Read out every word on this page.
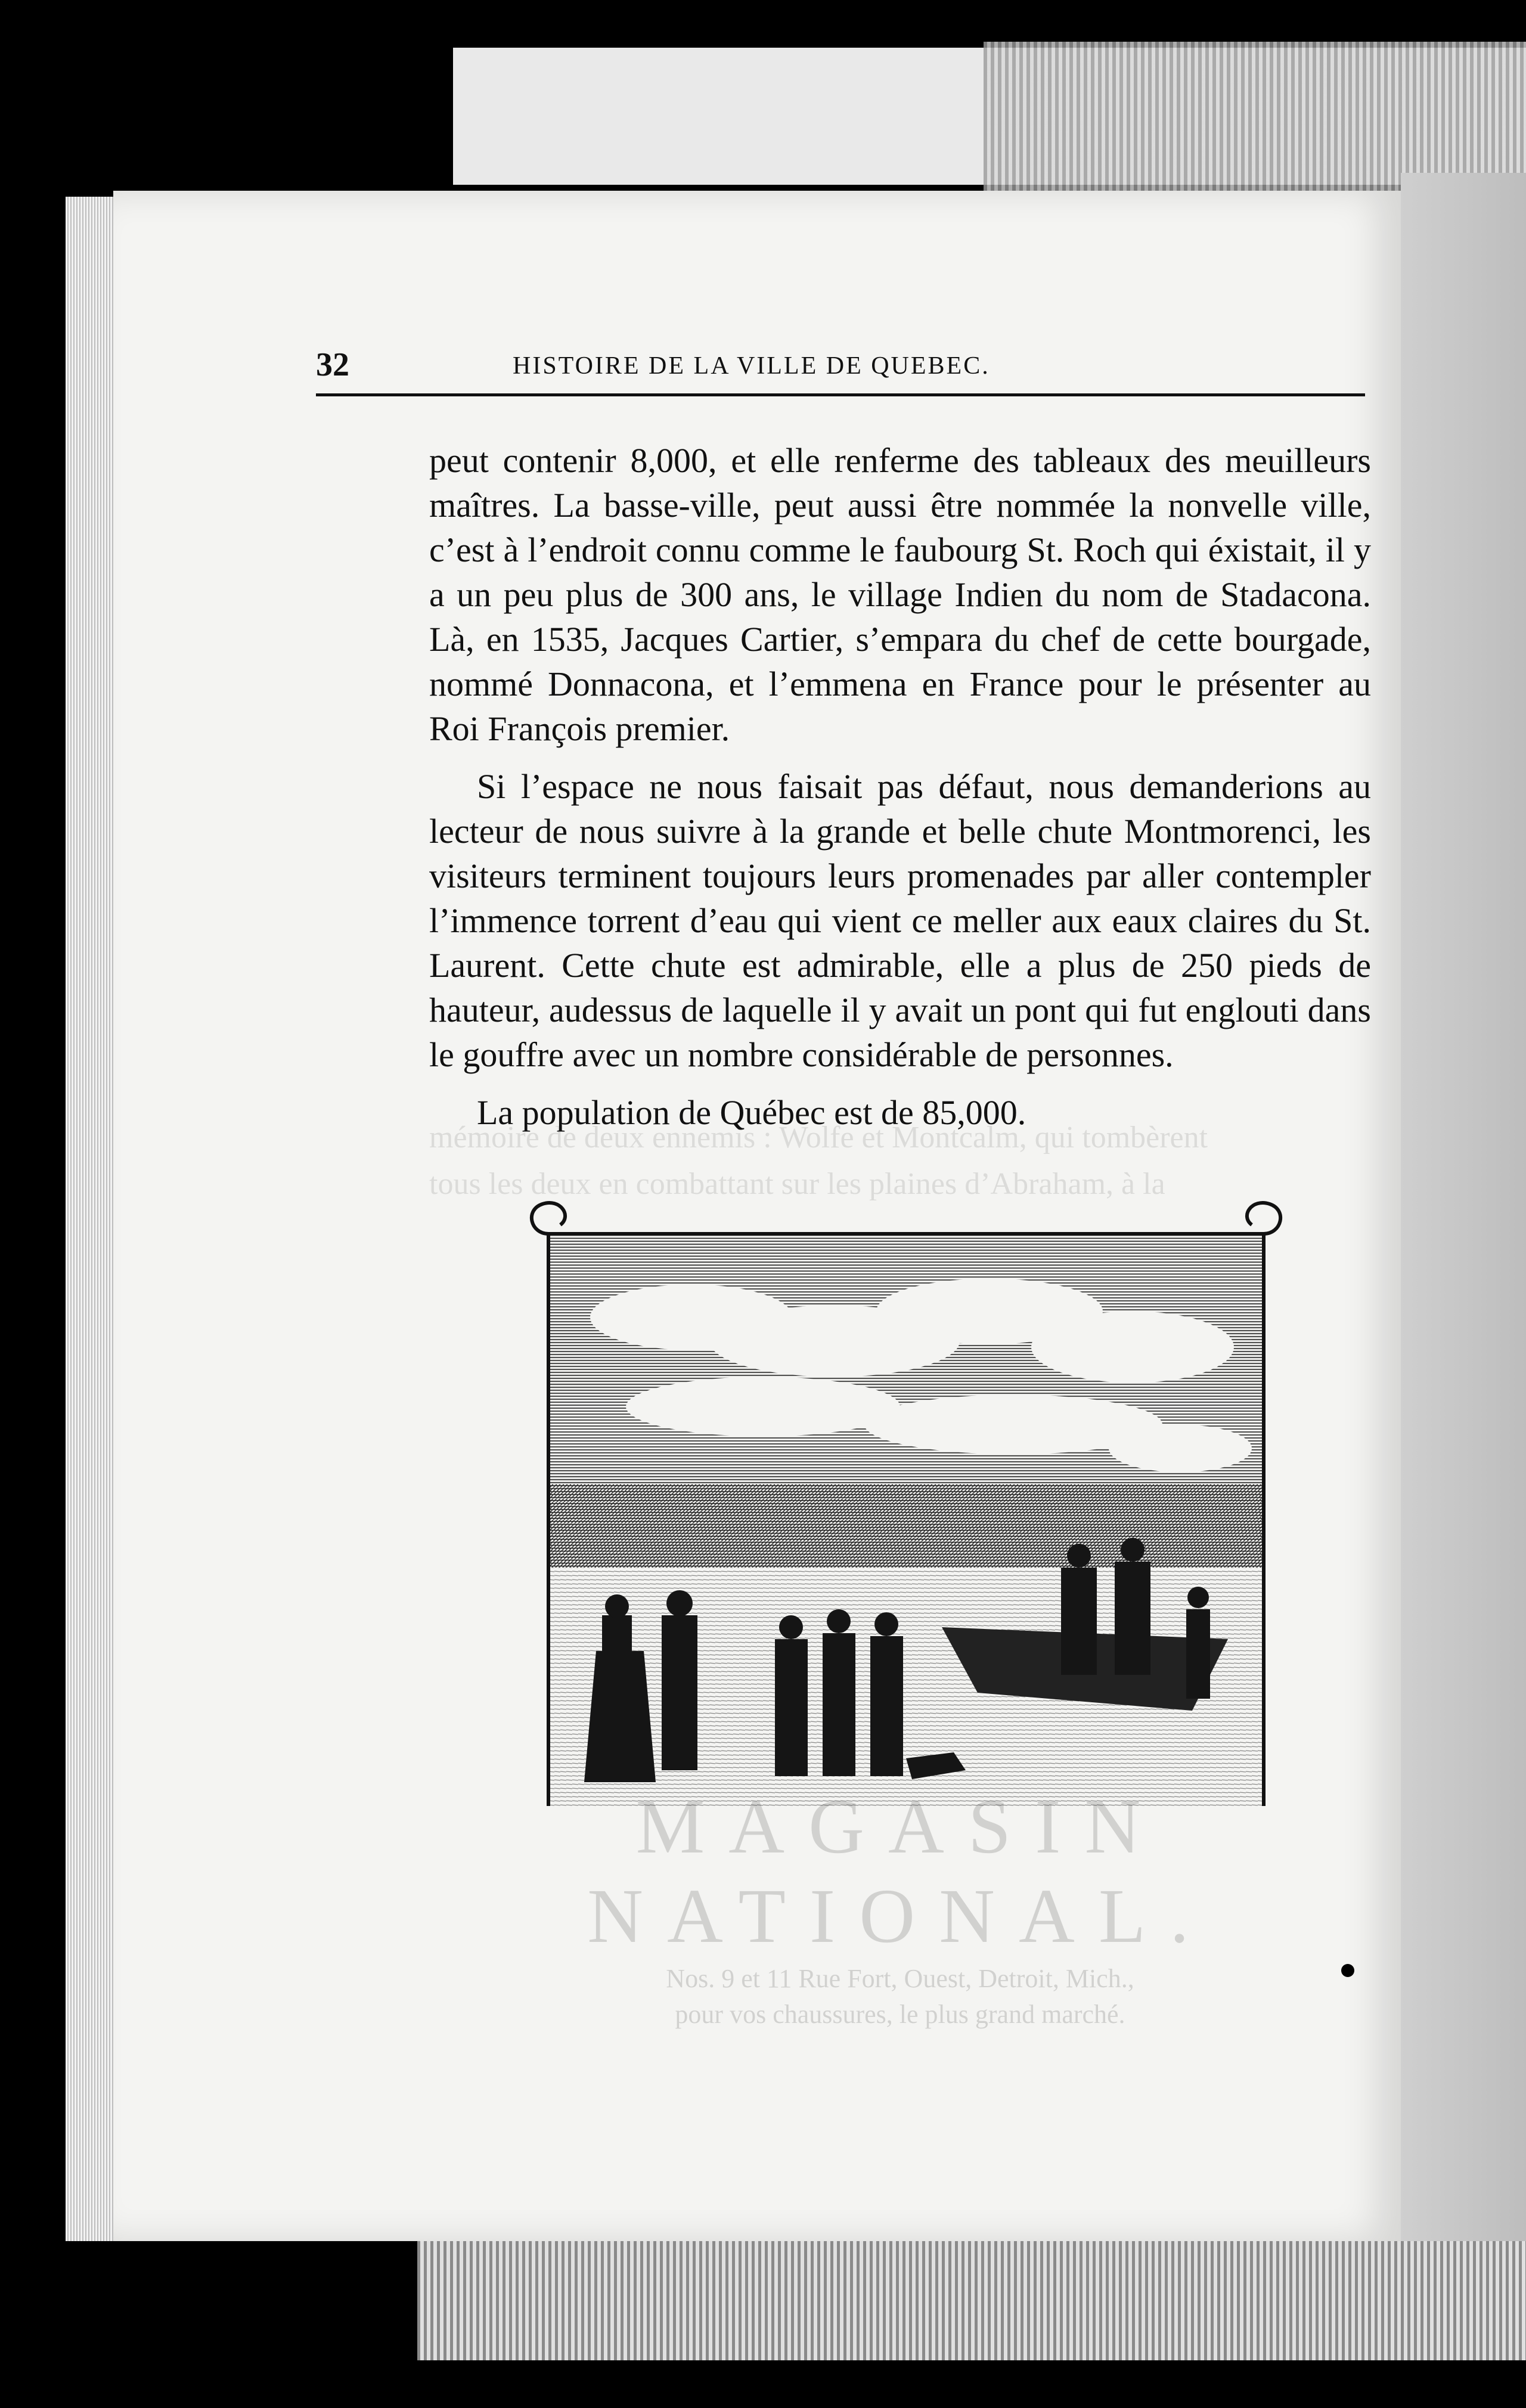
mémoire de deux ennemis : Wolfe et Montcalm, qui tombèrent
tous les deux en combattant sur les plaines d’Abraham, à la
32	HISTOIRE DE LA VILLE DE QUEBEC.

peut contenir 8,000, et elle renferme des tableaux des meuilleurs maîtres. La basse-ville, peut aussi être nommée la nonvelle ville, c’est à l’endroit connu comme le faubourg St. Roch qui éxistait, il y a un peu plus de 300 ans, le village Indien du nom de Stadacona. Là, en 1535, Jacques Cartier, s’empara du chef de cette bourgade, nommé Donnacona, et l’emmena en France pour le présenter au Roi François premier.

Si l’espace ne nous faisait pas défaut, nous demanderions au lecteur de nous suivre à la grande et belle chute Montmorenci, les visiteurs terminent toujours leurs promenades par aller contempler l’immence torrent d’eau qui vient ce meller aux eaux claires du St. Laurent. Cette chute est admirable, elle a plus de 250 pieds de hauteur, audessus de laquelle il y avait un pont qui fut englouti dans le gouffre avec un nombre considérable de personnes.

La population de Québec est de 85,000.

MAGASIN NATIONAL.
Nos. 9 et 11 Rue Fort, Ouest, Detroit, Mich.,
pour vos chaussures, le plus grand marché.
